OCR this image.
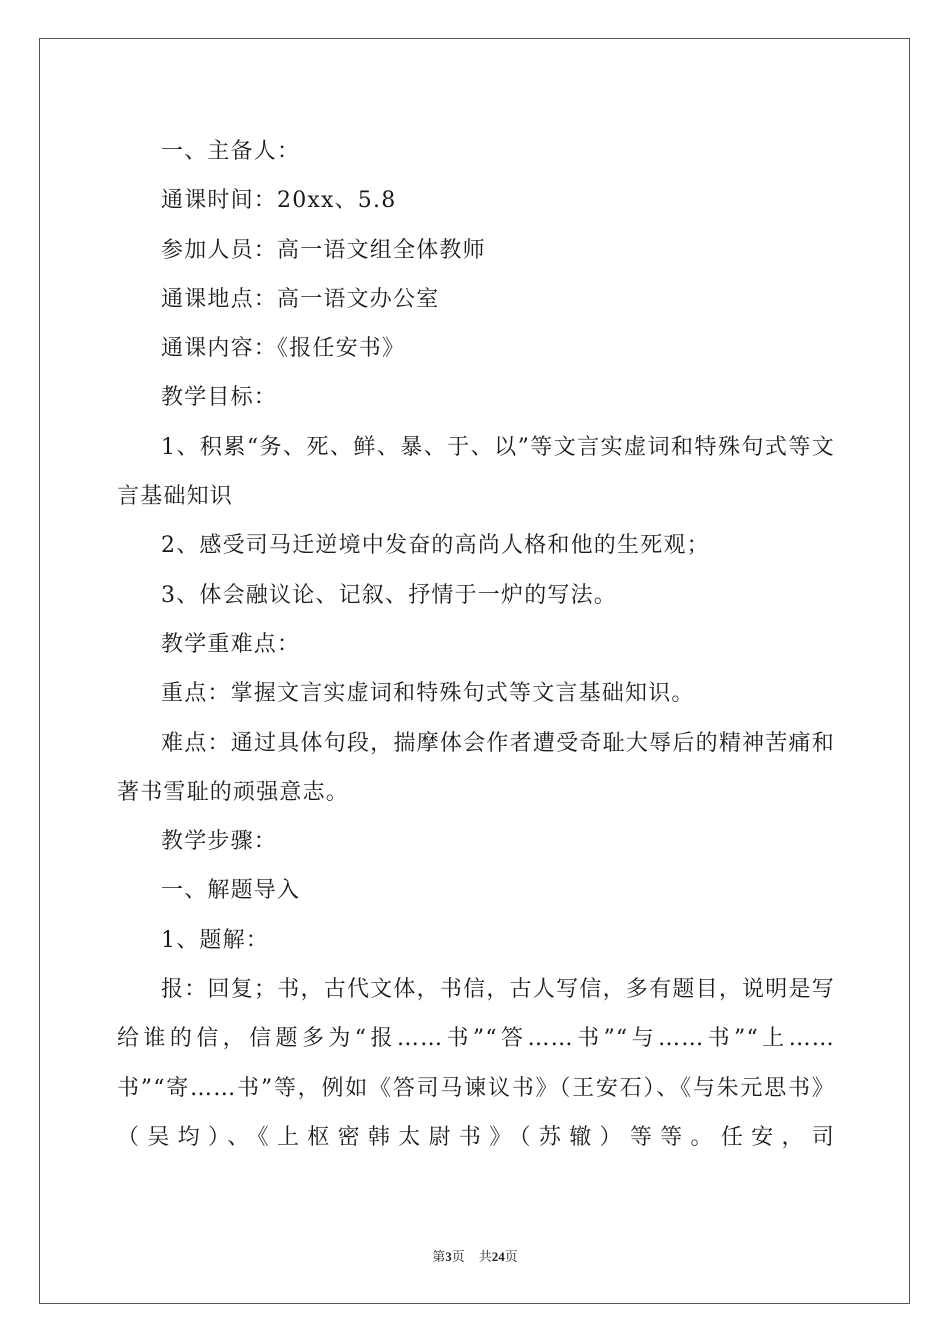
一、主备人：

通课时间：20xx、5.8

参加人员：高一语文组全体教师

通课地点：高一语文办公室

通课内容：《报任安书》

教学目标：

1、积累“务、死、鲜、暴、于、以”等文言实虚词和特殊句式等文言基础知识

2、感受司马迁逆境中发奋的高尚人格和他的生死观；

3、体会融议论、记叙、抒情于一炉的写法。

教学重难点：

重点：掌握文言实虚词和特殊句式等文言基础知识。

难点：通过具体句段，揣摩体会作者遭受奇耻大辱后的精神苦痛和著书雪耻的顽强意志。

教学步骤：

一、解题导入

1、题解：

报：回复；书，古代文体，书信，古人写信，多有题目，说明是写给谁的信，信题多为“报……书”“答……书”“与……书”“上……书”“寄……书”等，例如《答司马谏议书》（王安石）、《与朱元思书》（吴均）、《上枢密韩太尉书》（苏辙）等等。任安，司

第3页 共24页
